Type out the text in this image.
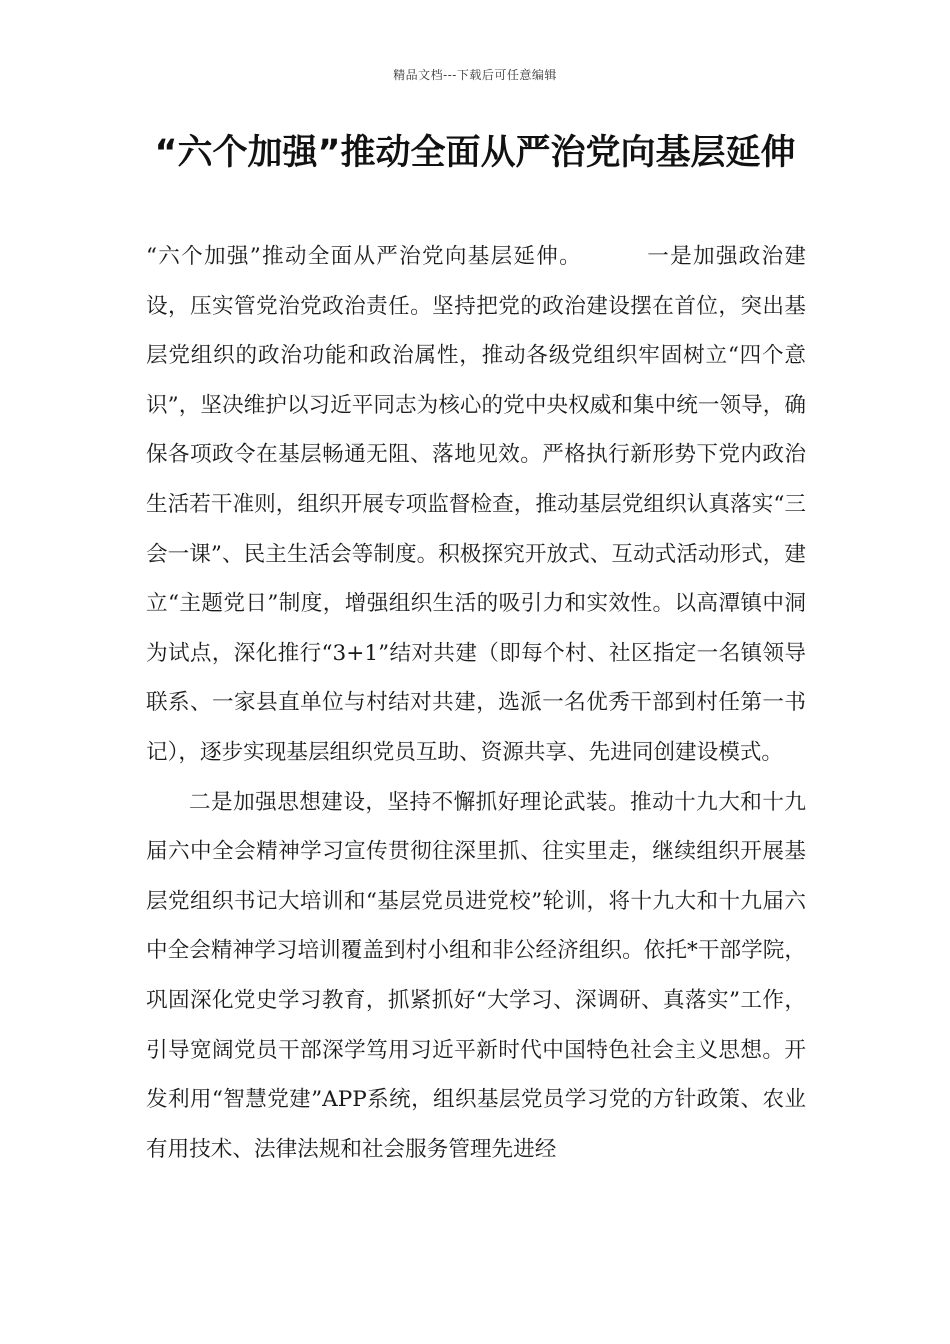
精品文档---下载后可任意编辑
“六个加强”推动全面从严治党向基层延伸

“六个加强”推动全面从严治党向基层延伸。	一是加强政治建设，压实管党治党政治责任。坚持把党的政治建设摆在首位，突出基层党组织的政治功能和政治属性，推动各级党组织牢固树立“四个意识”，坚决维护以习近平同志为核心的党中央权威和集中统一领导，确保各项政令在基层畅通无阻、落地见效。严格执行新形势下党内政治生活若干准则，组织开展专项监督检查，推动基层党组织认真落实“三会一课”、民主生活会等制度。积极探究开放式、互动式活动形式，建立“主题党日”制度，增强组织生活的吸引力和实效性。以高潭镇中洞为试点，深化推行“3+1”结对共建（即每个村、社区指定一名镇领导联系、一家县直单位与村结对共建，选派一名优秀干部到村任第一书记），逐步实现基层组织党员互助、资源共享、先进同创建设模式。

二是加强思想建设，坚持不懈抓好理论武装。推动十九大和十九届六中全会精神学习宣传贯彻往深里抓、往实里走，继续组织开展基层党组织书记大培训和“基层党员进党校”轮训，将十九大和十九届六中全会精神学习培训覆盖到村小组和非公经济组织。依托*干部学院，巩固深化党史学习教育，抓紧抓好“大学习、深调研、真落实”工作，引导宽阔党员干部深学笃用习近平新时代中国特色社会主义思想。开发利用“智慧党建”APP系统，组织基层党员学习党的方针政策、农业有用技术、法律法规和社会服务管理先进经
